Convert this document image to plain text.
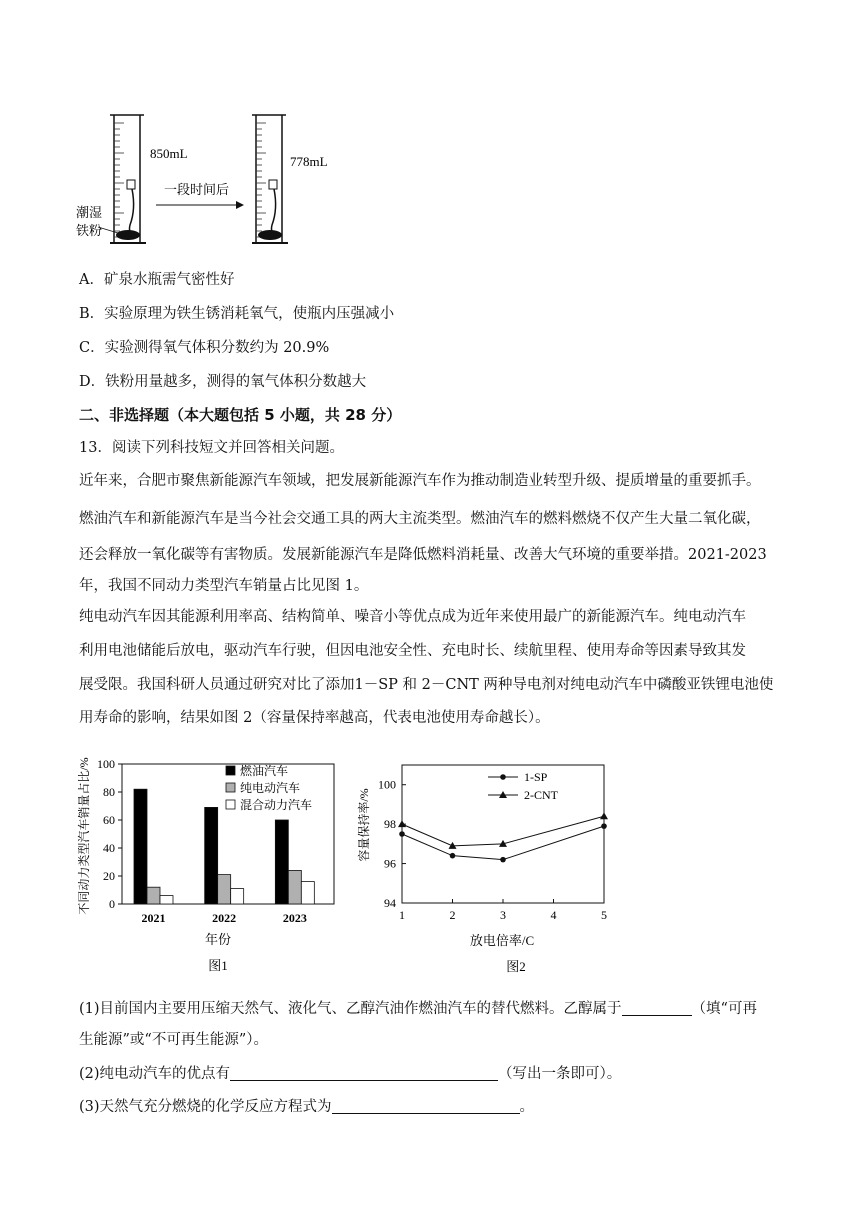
850mL
一段时间后
潮湿
铁粉
778mL
A．矿泉水瓶需气密性好
B．实验原理为铁生锈消耗氧气，使瓶内压强减小
C．实验测得氧气体积分数约为 20.9%
D．铁粉用量越多，测得的氧气体积分数越大
二、非选择题（本大题包括 5 小题，共 28 分）
13．阅读下列科技短文并回答相关问题。
近年来，合肥市聚焦新能源汽车领域，把发展新能源汽车作为推动制造业转型升级、提质增量的重要抓手。
燃油汽车和新能源汽车是当今社会交通工具的两大主流类型。燃油汽车的燃料燃烧不仅产生大量二氧化碳，
还会释放一氧化碳等有害物质。发展新能源汽车是降低燃料消耗量、改善大气环境的重要举措。2021-2023
年，我国不同动力类型汽车销量占比见图 1。
纯电动汽车因其能源利用率高、结构简单、噪音小等优点成为近年来使用最广的新能源汽车。纯电动汽车
利用电池储能后放电，驱动汽车行驶，但因电池安全性、充电时长、续航里程、使用寿命等因素导致其发
展受限。我国科研人员通过研究对比了添加1－SP 和 2－CNT 两种导电剂对纯电动汽车中磷酸亚铁锂电池使
用寿命的影响，结果如图 2（容量保持率越高，代表电池使用寿命越长）。
0
20
40
60
80
100
2021	2022	2023
燃油汽车
纯电动汽车
混合动力汽车
不同动力类型汽车销量占比/%
年份
图1
94
96
98
100
1	2	3	4	5
1-SP
2-CNT
容量保持率/%
放电倍率/C
图2
(1)目前国内主要用压缩天然气、液化气、乙醇汽油作燃油汽车的替代燃料。乙醇属于	（填“可再
生能源”或“不可再生能源”）。
(2)纯电动汽车的优点有	（写出一条即可）。
(3)天然气充分燃烧的化学反应方程式为	。
